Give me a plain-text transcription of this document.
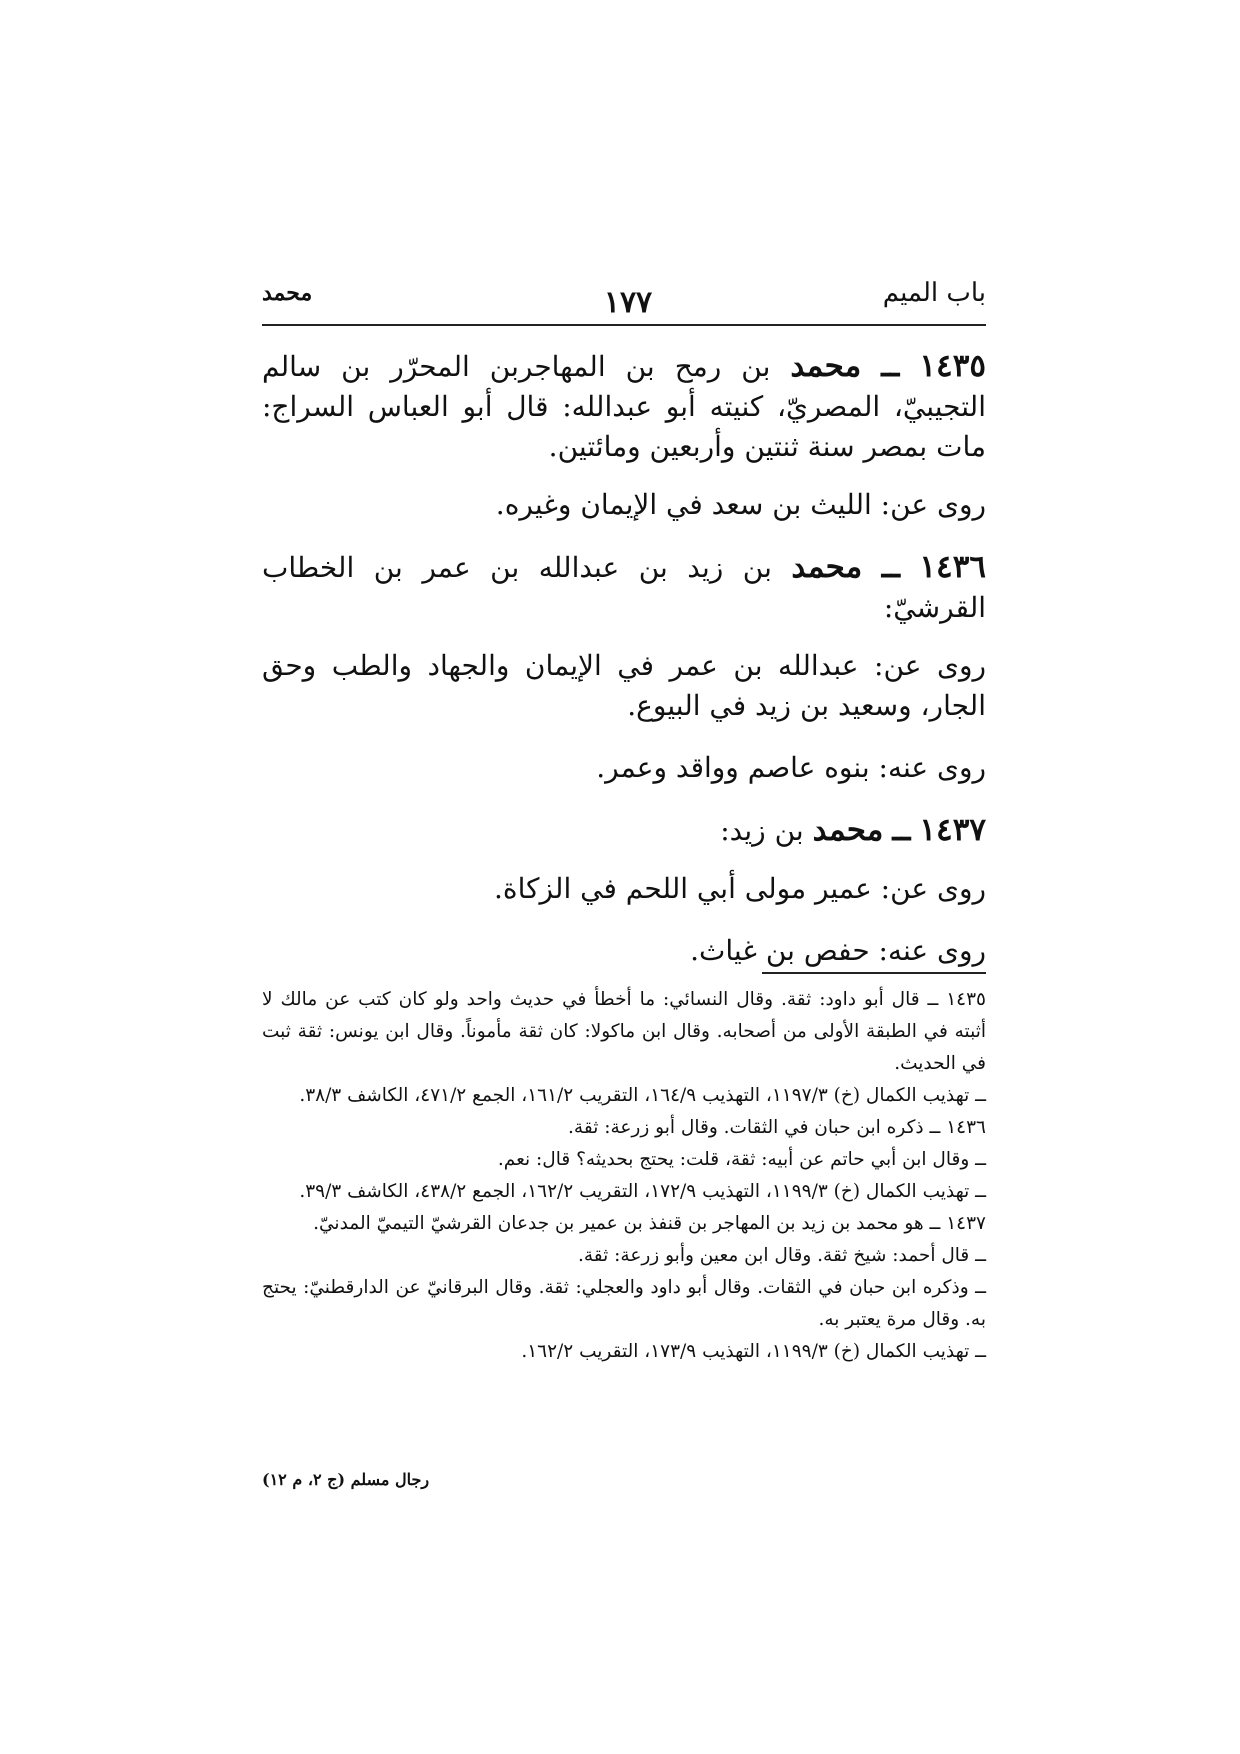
باب الميم
١٧٧
محمد

١٤٣٥ ــ محمد بن رمح بن المهاجربن المحرّر بن سالم التجيبيّ، المصريّ، كنيته أبو عبدالله: قال أبو العباس السراج: مات بمصر سنة ثنتين وأربعين ومائتين.

روى عن: الليث بن سعد في الإيمان وغيره.

١٤٣٦ ــ محمد بن زيد بن عبدالله بن عمر بن الخطاب القرشيّ:

روى عن: عبدالله بن عمر في الإيمان والجهاد والطب وحق الجار، وسعيد بن زيد في البيوع.

روى عنه: بنوه عاصم وواقد وعمر.

١٤٣٧ ــ محمد بن زيد:

روى عن: عمير مولى أبي اللحم في الزكاة.

روى عنه: حفص بن غياث.

١٤٣٥ ــ قال أبو داود: ثقة. وقال النسائي: ما أخطأ في حديث واحد ولو كان كتب عن مالك لا أثبته في الطبقة الأولى من أصحابه. وقال ابن ماكولا: كان ثقة مأموناً. وقال ابن يونس: ثقة ثبت في الحديث.
ــ تهذيب الكمال (خ) ١١٩٧/٣، التهذيب ١٦٤/٩، التقريب ١٦١/٢، الجمع ٤٧١/٢، الكاشف ٣٨/٣.
١٤٣٦ ــ ذكره ابن حبان في الثقات. وقال أبو زرعة: ثقة.
ــ وقال ابن أبي حاتم عن أبيه: ثقة، قلت: يحتج بحديثه؟ قال: نعم.
ــ تهذيب الكمال (خ) ١١٩٩/٣، التهذيب ١٧٢/٩، التقريب ١٦٢/٢، الجمع ٤٣٨/٢، الكاشف ٣٩/٣.
١٤٣٧ ــ هو محمد بن زيد بن المهاجر بن قنفذ بن عمير بن جدعان القرشيّ التيميّ المدنيّ.
ــ قال أحمد: شيخ ثقة. وقال ابن معين وأبو زرعة: ثقة.
ــ وذكره ابن حبان في الثقات. وقال أبو داود والعجلي: ثقة. وقال البرقانيّ عن الدارقطنيّ: يحتج به. وقال مرة يعتبر به.
ــ تهذيب الكمال (خ) ١١٩٩/٣، التهذيب ١٧٣/٩، التقريب ١٦٢/٢.
رجال مسلم (ج ٢، م ١٢)
